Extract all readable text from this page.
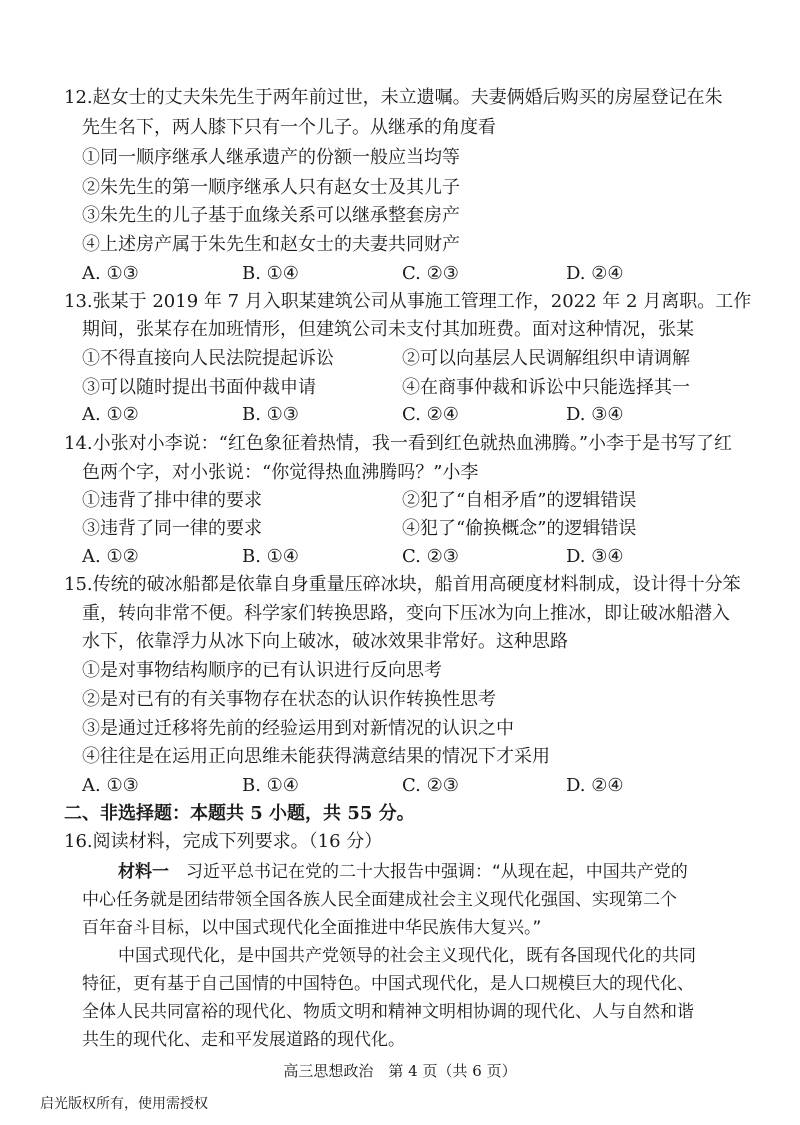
12.赵女士的丈夫朱先生于两年前过世，未立遗嘱。夫妻俩婚后购买的房屋登记在朱
先生名下，两人膝下只有一个儿子。从继承的角度看
①同一顺序继承人继承遗产的份额一般应当均等
②朱先生的第一顺序继承人只有赵女士及其儿子
③朱先生的儿子基于血缘关系可以继承整套房产
④上述房产属于朱先生和赵女士的夫妻共同财产
A. ①③	B. ①④	C. ②③	D. ②④
13.张某于 2019 年 7 月入职某建筑公司从事施工管理工作，2022 年 2 月离职。工作
期间，张某存在加班情形，但建筑公司未支付其加班费。面对这种情况，张某
①不得直接向人民法院提起诉讼	②可以向基层人民调解组织申请调解
③可以随时提出书面仲裁申请	④在商事仲裁和诉讼中只能选择其一
A. ①②	B. ①③	C. ②④	D. ③④
14.小张对小李说：“红色象征着热情，我一看到红色就热血沸腾。”小李于是书写了红
色两个字，对小张说：“你觉得热血沸腾吗？”小李
①违背了排中律的要求	②犯了“自相矛盾”的逻辑错误
③违背了同一律的要求	④犯了“偷换概念”的逻辑错误
A. ①②	B. ①④	C. ②③	D. ③④
15.传统的破冰船都是依靠自身重量压碎冰块，船首用高硬度材料制成，设计得十分笨
重，转向非常不便。科学家们转换思路，变向下压冰为向上推冰，即让破冰船潜入
水下，依靠浮力从冰下向上破冰，破冰效果非常好。这种思路
①是对事物结构顺序的已有认识进行反向思考
②是对已有的有关事物存在状态的认识作转换性思考
③是通过迁移将先前的经验运用到对新情况的认识之中
④往往是在运用正向思维未能获得满意结果的情况下才采用
A. ①③	B. ①④	C. ②③	D. ②④
二、非选择题：本题共 5 小题，共 55 分。
16.阅读材料，完成下列要求。（16 分）
材料一　习近平总书记在党的二十大报告中强调：“从现在起，中国共产党的
中心任务就是团结带领全国各族人民全面建成社会主义现代化强国、实现第二个
百年奋斗目标，以中国式现代化全面推进中华民族伟大复兴。”
中国式现代化，是中国共产党领导的社会主义现代化，既有各国现代化的共同
特征，更有基于自己国情的中国特色。中国式现代化，是人口规模巨大的现代化、
全体人民共同富裕的现代化、物质文明和精神文明相协调的现代化、人与自然和谐
共生的现代化、走和平发展道路的现代化。
高三思想政治　第 4 页（共 6 页）
启光版权所有，使用需授权
